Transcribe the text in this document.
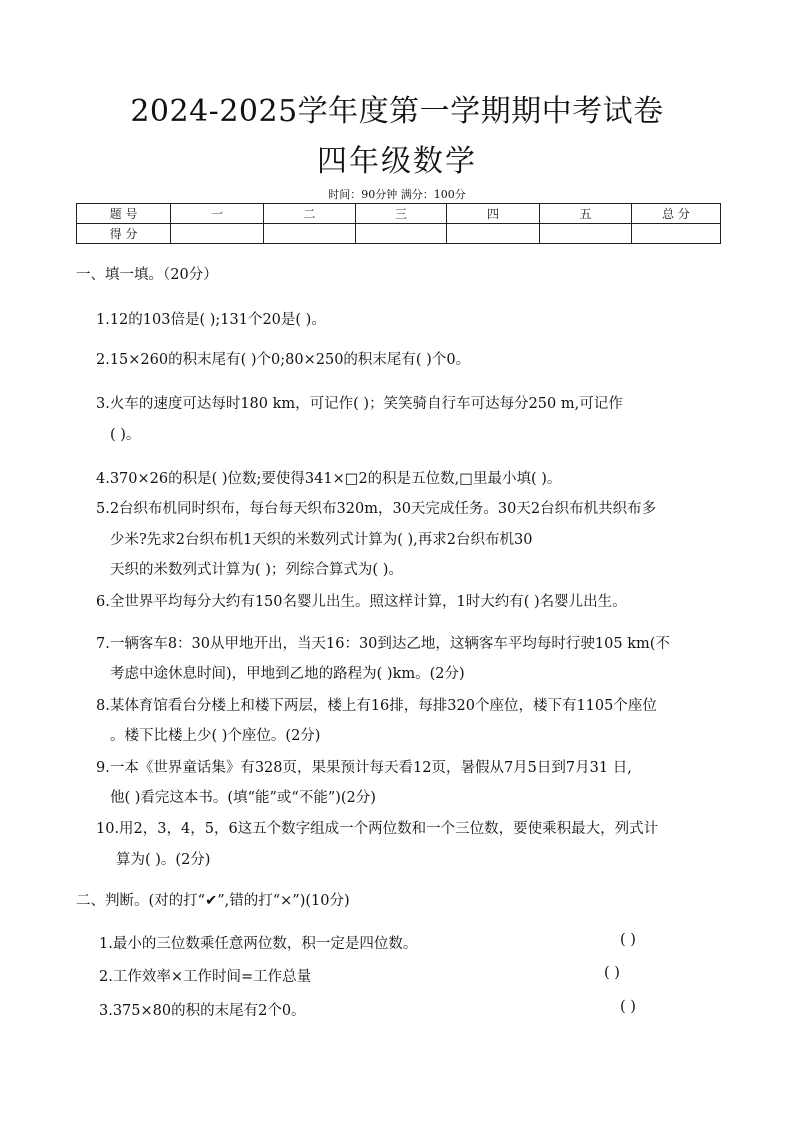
2024-2025学年度第一学期期中考试卷
四年级数学
时间：90分钟 满分：100分
题 号	一	二	三	四	五	总 分
得 分						
一、填一填。（20分）
1.12的103倍是( );131个20是( )。
2.15×260的积末尾有( )个0;80×250的积末尾有( )个0。
3.火车的速度可达每时180 km，可记作( )；笑笑骑自行车可达每分250 m,可记作
( )。
4.370×26的积是( )位数;要使得341×□2的积是五位数,□里最小填( )。
5.2台织布机同时织布，每台每天织布320m，30天完成任务。30天2台织布机共织布多
少米?先求2台织布机1天织的米数列式计算为( ),再求2台织布机30
天织的米数列式计算为( )；列综合算式为( )。
6.全世界平均每分大约有150名婴儿出生。照这样计算，1时大约有( )名婴儿出生。
7.一辆客车8：30从甲地开出，当天16：30到达乙地，这辆客车平均每时行驶105 km(不
考虑中途休息时间)，甲地到乙地的路程为( )km。(2分)
8.某体育馆看台分楼上和楼下两层，楼上有16排，每排320个座位，楼下有1105个座位
。楼下比楼上少( )个座位。(2分)
9.一本《世界童话集》有328页，果果预计每天看12页，暑假从7月5日到7月31 日,
他( )看完这本书。(填“能”或“不能”)(2分)
10.用2，3，4，5，6这五个数字组成一个两位数和一个三位数，要使乘积最大，列式计
算为( )。(2分)
二、判断。(对的打“✔”,错的打“×”)(10分)
1.最小的三位数乘任意两位数，积一定是四位数。	( )
2.工作效率×工作时间=工作总量	( )
3.375×80的积的末尾有2个0。	( )
